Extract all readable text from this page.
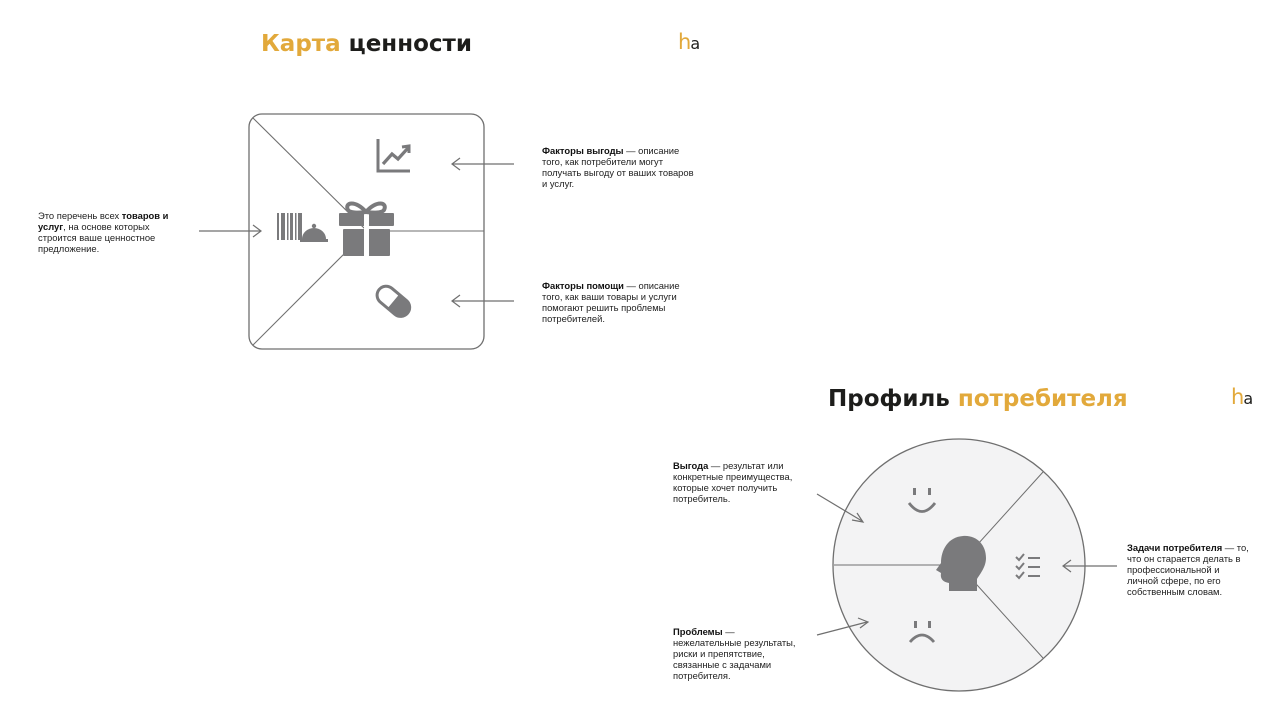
Карта ценности	ha
Это перечень всех товаров и услуг, на основе которых строится ваше ценностное предложение.
Факторы выгоды — описание того, как потребители могут получать выгоду от ваших товаров и услуг.
Факторы помощи — описание того, как ваши товары и услуги помогают решить проблемы потребителей.
Профиль потребителя	ha
Выгода — результат или конкретные преимущества, которые хочет получить потребитель.
Проблемы — нежелательные результаты, риски и препятствие, связанные с задачами потребителя.
Задачи потребителя — то, что он старается делать в профессиональной и личной сфере, по его собственным словам.
